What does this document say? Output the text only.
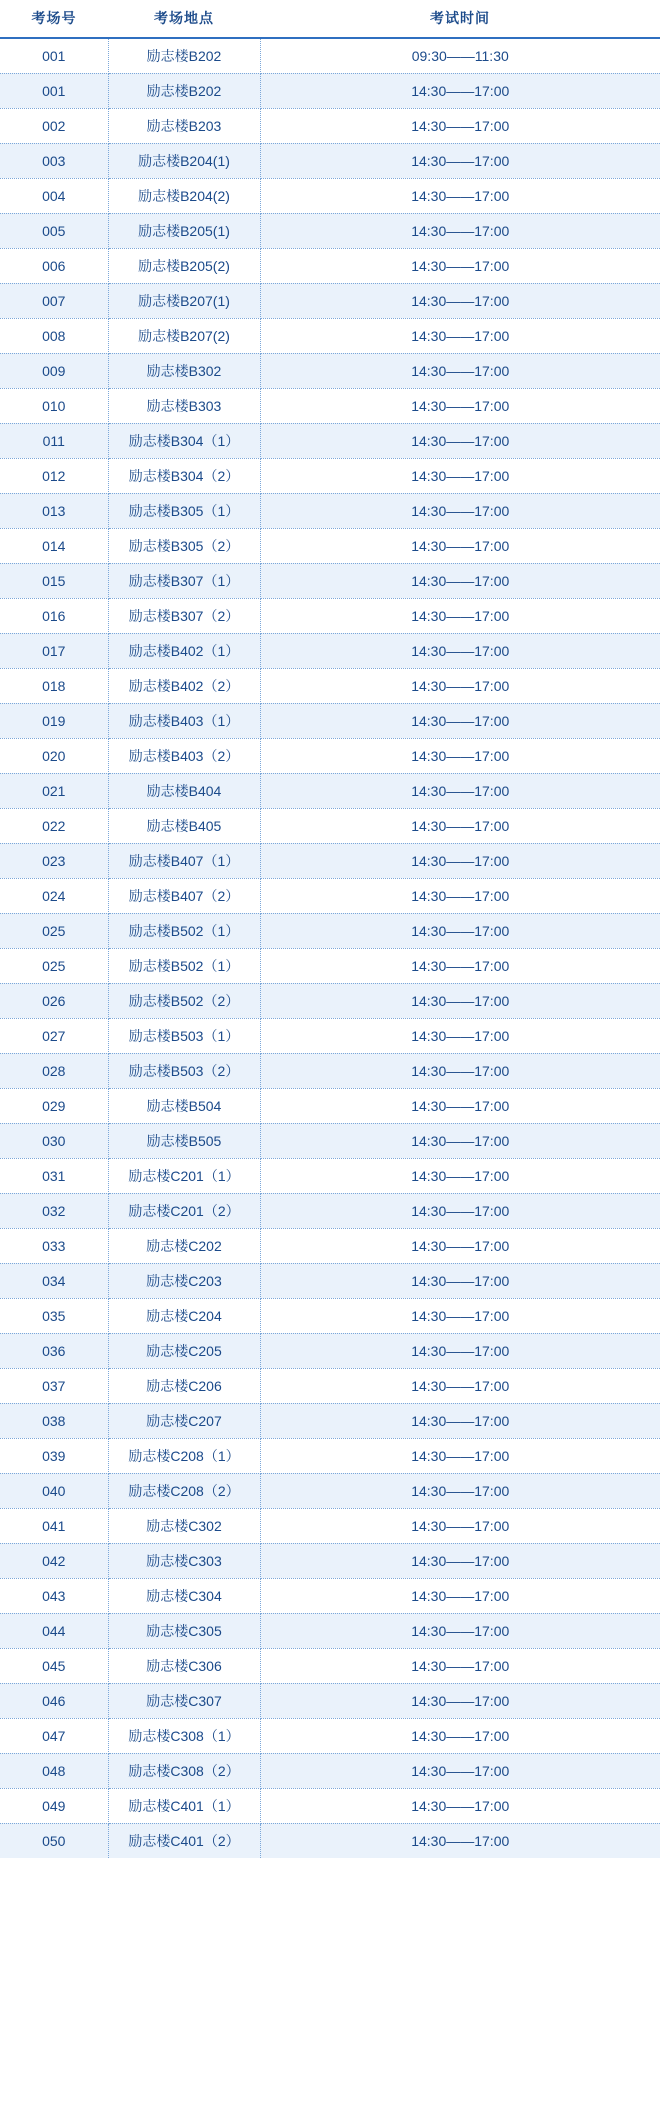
考场号	考场地点	考试时间
001	励志楼B202	09:30——11:30
001	励志楼B202	14:30——17:00
002	励志楼B203	14:30——17:00
003	励志楼B204(1)	14:30——17:00
004	励志楼B204(2)	14:30——17:00
005	励志楼B205(1)	14:30——17:00
006	励志楼B205(2)	14:30——17:00
007	励志楼B207(1)	14:30——17:00
008	励志楼B207(2)	14:30——17:00
009	励志楼B302	14:30——17:00
010	励志楼B303	14:30——17:00
011	励志楼B304（1）	14:30——17:00
012	励志楼B304（2）	14:30——17:00
013	励志楼B305（1）	14:30——17:00
014	励志楼B305（2）	14:30——17:00
015	励志楼B307（1）	14:30——17:00
016	励志楼B307（2）	14:30——17:00
017	励志楼B402（1）	14:30——17:00
018	励志楼B402（2）	14:30——17:00
019	励志楼B403（1）	14:30——17:00
020	励志楼B403（2）	14:30——17:00
021	励志楼B404	14:30——17:00
022	励志楼B405	14:30——17:00
023	励志楼B407（1）	14:30——17:00
024	励志楼B407（2）	14:30——17:00
025	励志楼B502（1）	14:30——17:00
025	励志楼B502（1）	14:30——17:00
026	励志楼B502（2）	14:30——17:00
027	励志楼B503（1）	14:30——17:00
028	励志楼B503（2）	14:30——17:00
029	励志楼B504	14:30——17:00
030	励志楼B505	14:30——17:00
031	励志楼C201（1）	14:30——17:00
032	励志楼C201（2）	14:30——17:00
033	励志楼C202	14:30——17:00
034	励志楼C203	14:30——17:00
035	励志楼C204	14:30——17:00
036	励志楼C205	14:30——17:00
037	励志楼C206	14:30——17:00
038	励志楼C207	14:30——17:00
039	励志楼C208（1）	14:30——17:00
040	励志楼C208（2）	14:30——17:00
041	励志楼C302	14:30——17:00
042	励志楼C303	14:30——17:00
043	励志楼C304	14:30——17:00
044	励志楼C305	14:30——17:00
045	励志楼C306	14:30——17:00
046	励志楼C307	14:30——17:00
047	励志楼C308（1）	14:30——17:00
048	励志楼C308（2）	14:30——17:00
049	励志楼C401（1）	14:30——17:00
050	励志楼C401（2）	14:30——17:00
